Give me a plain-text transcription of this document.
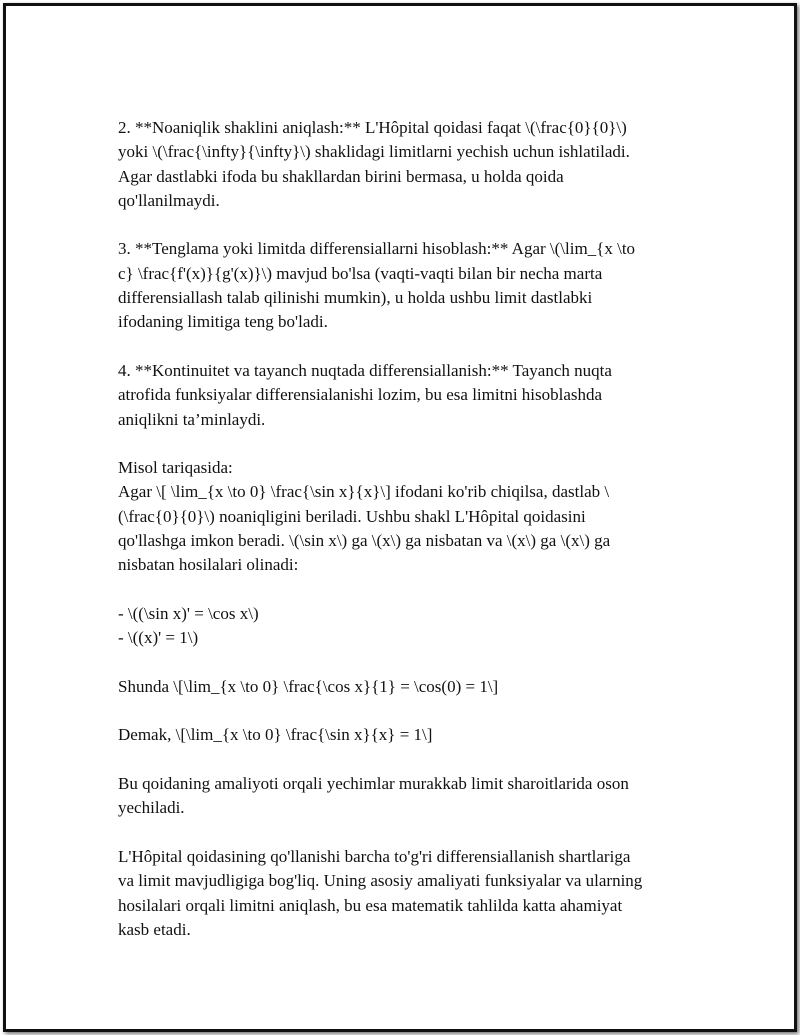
2. **Noaniqlik shaklini aniqlash:** L'Hôpital qoidasi faqat \(\frac{0}{0}\)
yoki \(\frac{\infty}{\infty}\) shaklidagi limitlarni yechish uchun ishlatiladi.
Agar dastlabki ifoda bu shakllardan birini bermasa, u holda qoida
qo'llanilmaydi.
3. **Tenglama yoki limitda differensiallarni hisoblash:** Agar \(\lim_{x \to
c} \frac{f'(x)}{g'(x)}\) mavjud bo'lsa (vaqti-vaqti bilan bir necha marta
differensiallash talab qilinishi mumkin), u holda ushbu limit dastlabki
ifodaning limitiga teng bo'ladi.
4. **Kontinuitet va tayanch nuqtada differensiallanish:** Tayanch nuqta
atrofida funksiyalar differensialanishi lozim, bu esa limitni hisoblashda
aniqlikni ta’minlaydi.
Misol tariqasida:
Agar \[ \lim_{x \to 0} \frac{\sin x}{x}\] ifodani ko'rib chiqilsa, dastlab \
(\frac{0}{0}\) noaniqligini beriladi. Ushbu shakl L'Hôpital qoidasini
qo'llashga imkon beradi. \(\sin x\) ga \(x\) ga nisbatan va \(x\) ga \(x\) ga
nisbatan hosilalari olinadi:
- \((\sin x)' = \cos x\)
- \((x)' = 1\)
Shunda \[\lim_{x \to 0} \frac{\cos x}{1} = \cos(0) = 1\]
Demak, \[\lim_{x \to 0} \frac{\sin x}{x} = 1\]
Bu qoidaning amaliyoti orqali yechimlar murakkab limit sharoitlarida oson
yechiladi.
L'Hôpital qoidasining qo'llanishi barcha to'g'ri differensiallanish shartlariga
va limit mavjudligiga bog'liq. Uning asosiy amaliyati funksiyalar va ularning
hosilalari orqali limitni aniqlash, bu esa matematik tahlilda katta ahamiyat
kasb etadi.
